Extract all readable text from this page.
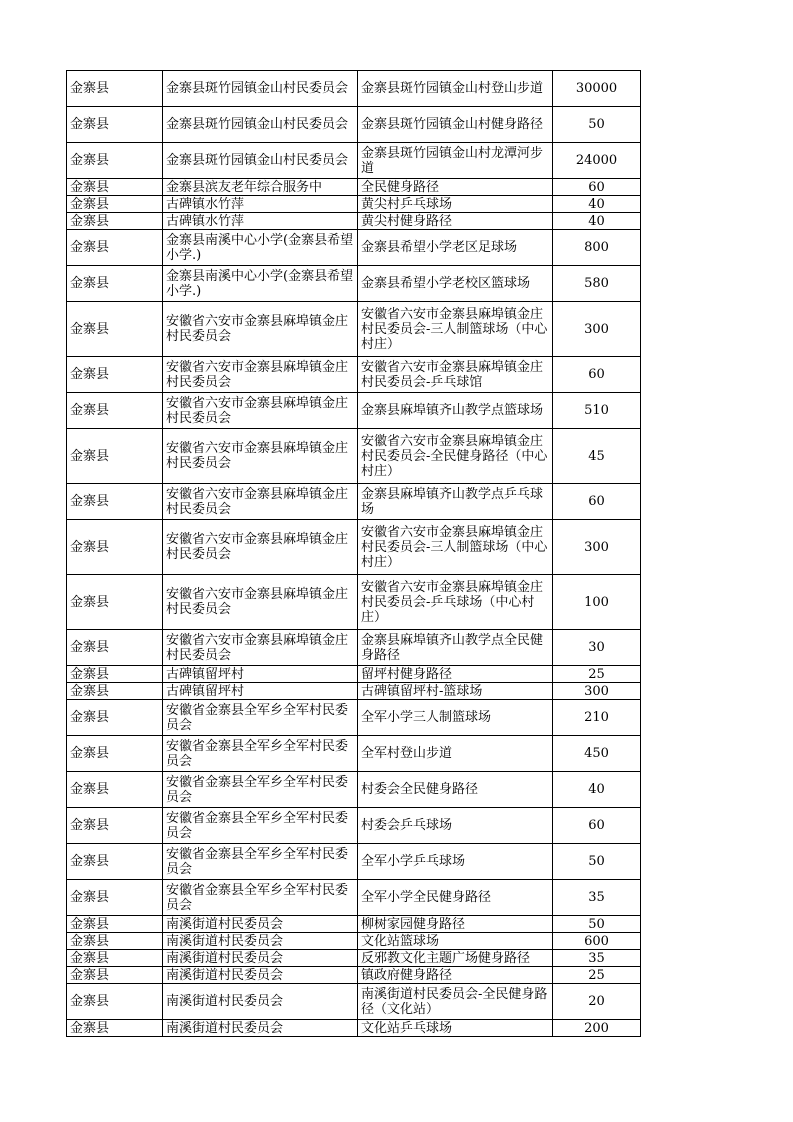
金寨县	金寨县斑竹园镇金山村民委员会	金寨县斑竹园镇金山村登山步道	30000
金寨县	金寨县斑竹园镇金山村民委员会	金寨县斑竹园镇金山村健身路径	50
金寨县	金寨县斑竹园镇金山村民委员会	金寨县斑竹园镇金山村龙潭河步道	24000
金寨县	金寨县滨友老年综合服务中	全民健身路径	60
金寨县	古碑镇水竹萍	黄尖村乒乓球场	40
金寨县	古碑镇水竹萍	黄尖村健身路径	40
金寨县	金寨县南溪中心小学(金寨县希望小学.)	金寨县希望小学老区足球场	800
金寨县	金寨县南溪中心小学(金寨县希望小学.)	金寨县希望小学老校区篮球场	580
金寨县	安徽省六安市金寨县麻埠镇金庄村民委员会	安徽省六安市金寨县麻埠镇金庄村民委员会-三人制篮球场（中心村庄）	300
金寨县	安徽省六安市金寨县麻埠镇金庄村民委员会	安徽省六安市金寨县麻埠镇金庄村民委员会-乒乓球馆	60
金寨县	安徽省六安市金寨县麻埠镇金庄村民委员会	金寨县麻埠镇齐山教学点篮球场	510
金寨县	安徽省六安市金寨县麻埠镇金庄村民委员会	安徽省六安市金寨县麻埠镇金庄村民委员会-全民健身路径（中心村庄）	45
金寨县	安徽省六安市金寨县麻埠镇金庄村民委员会	金寨县麻埠镇齐山教学点乒乓球场	60
金寨县	安徽省六安市金寨县麻埠镇金庄村民委员会	安徽省六安市金寨县麻埠镇金庄村民委员会-三人制篮球场（中心村庄）	300
金寨县	安徽省六安市金寨县麻埠镇金庄村民委员会	安徽省六安市金寨县麻埠镇金庄村民委员会-乒乓球场（中心村庄）	100
金寨县	安徽省六安市金寨县麻埠镇金庄村民委员会	金寨县麻埠镇齐山教学点全民健身路径	30
金寨县	古碑镇留坪村	留坪村健身路径	25
金寨县	古碑镇留坪村	古碑镇留坪村-篮球场	300
金寨县	安徽省金寨县全军乡全军村民委员会	全军小学三人制篮球场	210
金寨县	安徽省金寨县全军乡全军村民委员会	全军村登山步道	450
金寨县	安徽省金寨县全军乡全军村民委员会	村委会全民健身路径	40
金寨县	安徽省金寨县全军乡全军村民委员会	村委会乒乓球场	60
金寨县	安徽省金寨县全军乡全军村民委员会	全军小学乒乓球场	50
金寨县	安徽省金寨县全军乡全军村民委员会	全军小学全民健身路径	35
金寨县	南溪街道村民委员会	柳树家园健身路径	50
金寨县	南溪街道村民委员会	文化站篮球场	600
金寨县	南溪街道村民委员会	反邪教文化主题广场健身路径	35
金寨县	南溪街道村民委员会	镇政府健身路径	25
金寨县	南溪街道村民委员会	南溪街道村民委员会-全民健身路径（文化站）	20
金寨县	南溪街道村民委员会	文化站乒乓球场	200
